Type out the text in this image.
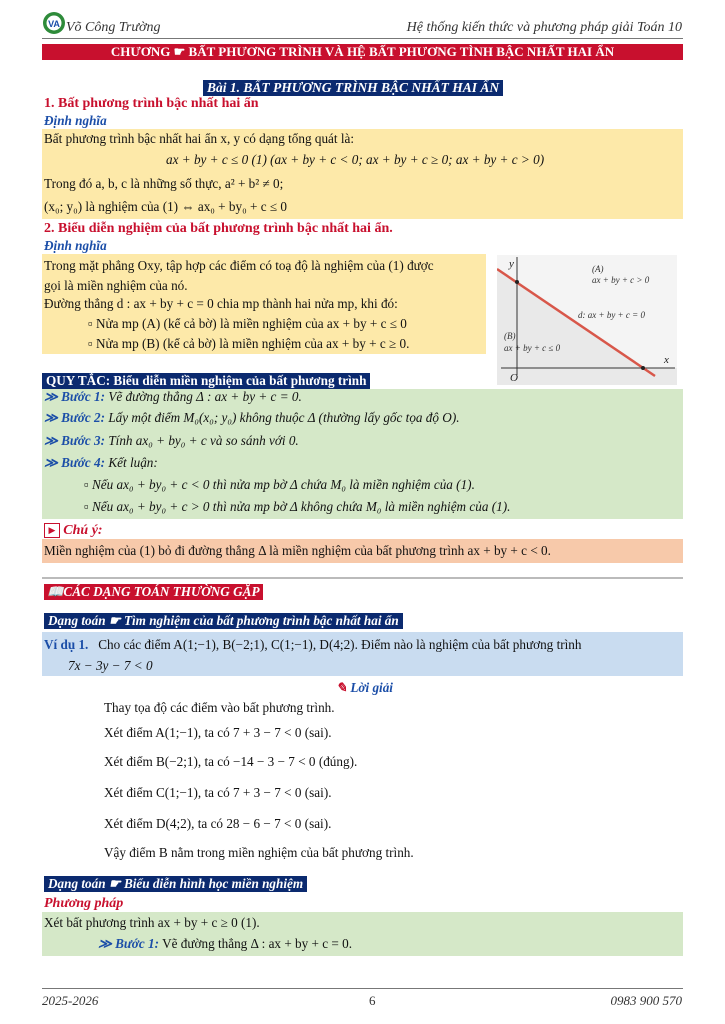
VA Võ Công Trường	Hệ thống kiến thức và phương pháp giải Toán 10
CHƯƠNG ☛ BẤT PHƯƠNG TRÌNH VÀ HỆ BẤT PHƯƠNG TÌNH BẬC NHẤT HAI ẨN
Bài 1. BẤT PHƯƠNG TRÌNH BẬC NHẤT HAI ẨN
1. Bất phương trình bậc nhất hai ẩn
Định nghĩa
Bất phương trình bậc nhất hai ẩn x, y có dạng tổng quát là:
ax + by + c ≤ 0 (1) (ax + by + c < 0; ax + by + c ≥ 0; ax + by + c > 0)
Trong đó a, b, c là những số thực, a² + b² ≠ 0;
(x₀; y₀) là nghiệm của (1) ⇔ ax₀ + by₀ + c ≤ 0
2. Biểu diễn nghiệm của bất phương trình bậc nhất hai ẩn.
Định nghĩa
Trong mặt phẳng Oxy, tập hợp các điểm có toạ độ là nghiệm của (1) được
gọi là miền nghiệm của nó.
Đường thẳng d : ax + by + c = 0 chia mp thành hai nửa mp, khi đó:
▫ Nửa mp (A) (kể cả bờ) là miền nghiệm của ax + by + c ≤ 0
▫ Nửa mp (B) (kể cả bờ) là miền nghiệm của ax + by + c ≥ 0.
y
x
O
(A)
ax + by + c > 0
d: ax + by + c = 0
(B)
ax + by + c ≤ 0
QUY TẮC: Biểu diễn miền nghiệm của bất phương trình
≫ Bước 1: Vẽ đường thẳng Δ : ax + by + c = 0.
≫ Bước 2: Lấy một điểm M₀(x₀; y₀) không thuộc Δ (thường lấy gốc tọa độ O).
≫ Bước 3: Tính ax₀ + by₀ + c và so sánh với 0.
≫ Bước 4: Kết luận:
▫ Nếu ax₀ + by₀ + c < 0 thì nửa mp bờ Δ chứa M₀ là miền nghiệm của (1).
▫ Nếu ax₀ + by₀ + c > 0 thì nửa mp bờ Δ không chứa M₀ là miền nghiệm của (1).
▶ Chú ý:
Miền nghiệm của (1) bỏ đi đường thẳng Δ là miền nghiệm của bất phương trình ax + by + c < 0.
📖CÁC DẠNG TOÁN THƯỜNG GẶP
Dạng toán ☛ Tìm nghiệm của bất phương trình bậc nhất hai ẩn
Ví dụ 1. Cho các điểm A(1;−1), B(−2;1), C(1;−1), D(4;2). Điểm nào là nghiệm của bất phương trình
7x − 3y − 7 < 0
✎ Lời giải
Thay tọa độ các điểm vào bất phương trình.
Xét điểm A(1;−1), ta có 7 + 3 − 7 < 0 (sai).
Xét điểm B(−2;1), ta có −14 − 3 − 7 < 0 (đúng).
Xét điểm C(1;−1), ta có 7 + 3 − 7 < 0 (sai).
Xét điểm D(4;2), ta có 28 − 6 − 7 < 0 (sai).
Vậy điểm B nằm trong miền nghiệm của bất phương trình.
Dạng toán ☛ Biểu diễn hình học miền nghiệm
Phương pháp
Xét bất phương trình ax + by + c ≥ 0 (1).
≫ Bước 1: Vẽ đường thẳng Δ : ax + by + c = 0.
2025-2026	6	0983 900 570
